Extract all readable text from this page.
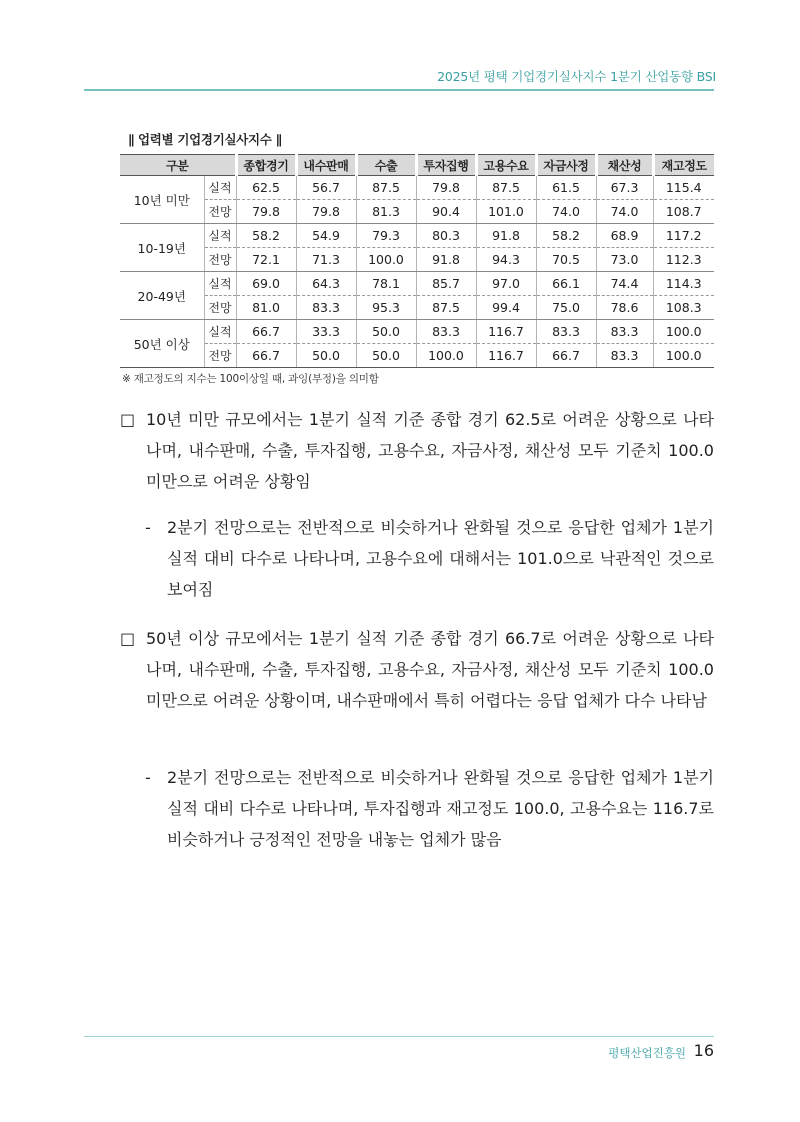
2025년 평택 기업경기실사지수 1분기 산업동향 BSI
∥ 업력별 기업경기실사지수 ∥
구분		종합경기	내수판매	수출	투자집행	고용수요	자금사정	채산성	재고정도
10년 미만	실적	62.5	56.7	87.5	79.8	87.5	61.5	67.3	115.4
	전망	79.8	79.8	81.3	90.4	101.0	74.0	74.0	108.7
10-19년	실적	58.2	54.9	79.3	80.3	91.8	58.2	68.9	117.2
	전망	72.1	71.3	100.0	91.8	94.3	70.5	73.0	112.3
20-49년	실적	69.0	64.3	78.1	85.7	97.0	66.1	74.4	114.3
	전망	81.0	83.3	95.3	87.5	99.4	75.0	78.6	108.3
50년 이상	실적	66.7	33.3	50.0	83.3	116.7	83.3	83.3	100.0
	전망	66.7	50.0	50.0	100.0	116.7	66.7	83.3	100.0
※ 재고정도의 지수는 100이상일 때, 과잉(부정)을 의미함
□ 10년 미만 규모에서는 1분기 실적 기준 종합 경기 62.5로 어려운 상황으로 나타나며, 내수판매, 수출, 투자집행, 고용수요, 자금사정, 채산성 모두 기준치 100.0 미만으로 어려운 상황임
- 2분기 전망으로는 전반적으로 비슷하거나 완화될 것으로 응답한 업체가 1분기 실적 대비 다수로 나타나며, 고용수요에 대해서는 101.0으로 낙관적인 것으로 보여짐
□ 50년 이상 규모에서는 1분기 실적 기준 종합 경기 66.7로 어려운 상황으로 나타나며, 내수판매, 수출, 투자집행, 고용수요, 자금사정, 채산성 모두 기준치 100.0 미만으로 어려운 상황이며, 내수판매에서 특히 어렵다는 응답 업체가 다수 나타남
- 2분기 전망으로는 전반적으로 비슷하거나 완화될 것으로 응답한 업체가 1분기 실적 대비 다수로 나타나며, 투자집행과 재고정도 100.0, 고용수요는 116.7로 비슷하거나 긍정적인 전망을 내놓는 업체가 많음
평택산업진흥원 16
